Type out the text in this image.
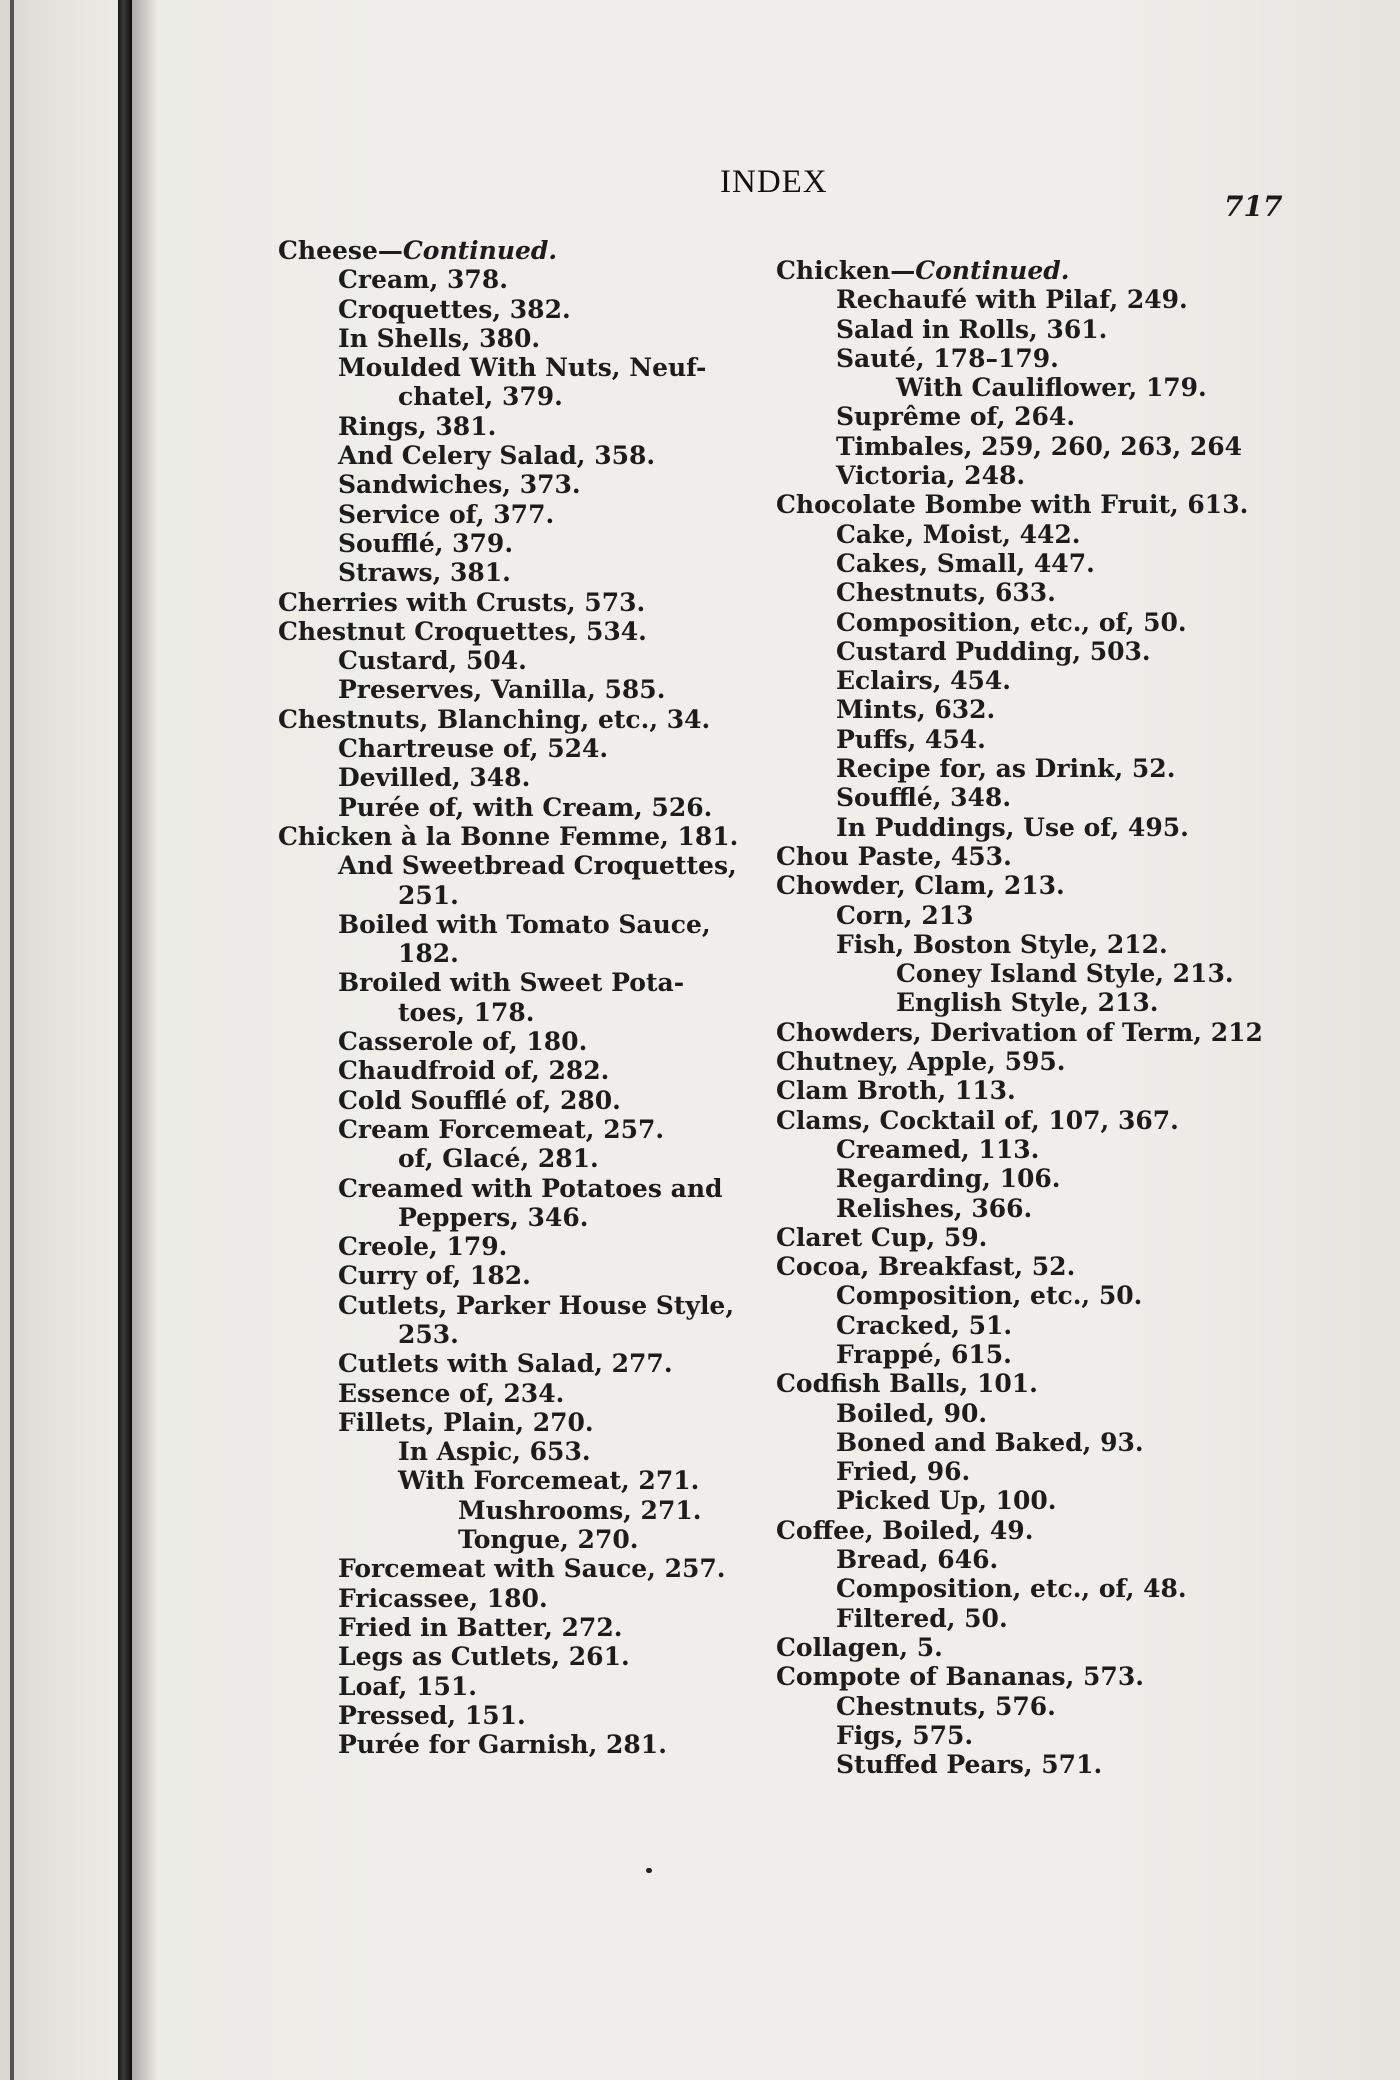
INDEX
717
Cheese—Continued.
Cream, 378.
Croquettes, 382.
In Shells, 380.
Moulded With Nuts, Neuf-
chatel, 379.
Rings, 381.
And Celery Salad, 358.
Sandwiches, 373.
Service of, 377.
Soufflé, 379.
Straws, 381.
Cherries with Crusts, 573.
Chestnut Croquettes, 534.
Custard, 504.
Preserves, Vanilla, 585.
Chestnuts, Blanching, etc., 34.
Chartreuse of, 524.
Devilled, 348.
Purée of, with Cream, 526.
Chicken à la Bonne Femme, 181.
And Sweetbread Croquettes,
251.
Boiled with Tomato Sauce,
182.
Broiled with Sweet Pota-
toes, 178.
Casserole of, 180.
Chaudfroid of, 282.
Cold Soufflé of, 280.
Cream Forcemeat, 257.
of, Glacé, 281.
Creamed with Potatoes and
Peppers, 346.
Creole, 179.
Curry of, 182.
Cutlets, Parker House Style,
253.
Cutlets with Salad, 277.
Essence of, 234.
Fillets, Plain, 270.
In Aspic, 653.
With Forcemeat, 271.
Mushrooms, 271.
Tongue, 270.
Forcemeat with Sauce, 257.
Fricassee, 180.
Fried in Batter, 272.
Legs as Cutlets, 261.
Loaf, 151.
Pressed, 151.
Purée for Garnish, 281.
Chicken—Continued.
Rechaufé with Pilaf, 249.
Salad in Rolls, 361.
Sauté, 178–179.
With Cauliflower, 179.
Suprême of, 264.
Timbales, 259, 260, 263, 264
Victoria, 248.
Chocolate Bombe with Fruit, 613.
Cake, Moist, 442.
Cakes, Small, 447.
Chestnuts, 633.
Composition, etc., of, 50.
Custard Pudding, 503.
Eclairs, 454.
Mints, 632.
Puffs, 454.
Recipe for, as Drink, 52.
Soufflé, 348.
In Puddings, Use of, 495.
Chou Paste, 453.
Chowder, Clam, 213.
Corn, 213
Fish, Boston Style, 212.
Coney Island Style, 213.
English Style, 213.
Chowders, Derivation of Term, 212
Chutney, Apple, 595.
Clam Broth, 113.
Clams, Cocktail of, 107, 367.
Creamed, 113.
Regarding, 106.
Relishes, 366.
Claret Cup, 59.
Cocoa, Breakfast, 52.
Composition, etc., 50.
Cracked, 51.
Frappé, 615.
Codfish Balls, 101.
Boiled, 90.
Boned and Baked, 93.
Fried, 96.
Picked Up, 100.
Coffee, Boiled, 49.
Bread, 646.
Composition, etc., of, 48.
Filtered, 50.
Collagen, 5.
Compote of Bananas, 573.
Chestnuts, 576.
Figs, 575.
Stuffed Pears, 571.
